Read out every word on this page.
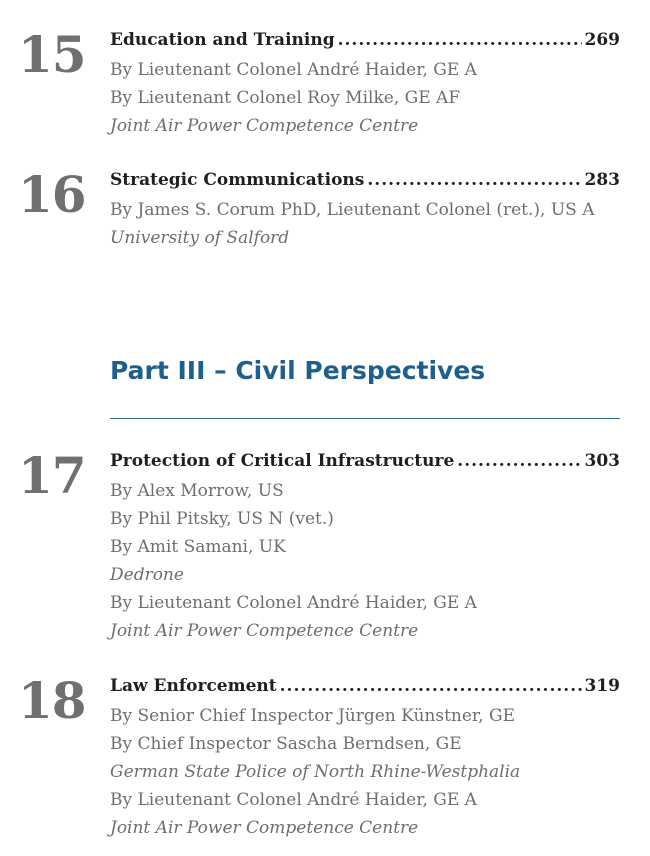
15 Education and Training .....	269
By Lieutenant Colonel André Haider, GE A
By Lieutenant Colonel Roy Milke, GE AF
Joint Air Power Competence Centre
16 Strategic Communications .....	283
By James S. Corum PhD, Lieutenant Colonel (ret.), US A
University of Salford
Part III – Civil Perspectives
17 Protection of Critical Infrastructure .....	303
By Alex Morrow, US
By Phil Pitsky, US N (vet.)
By Amit Samani, UK
Dedrone
By Lieutenant Colonel André Haider, GE A
Joint Air Power Competence Centre
18 Law Enforcement .....	319
By Senior Chief Inspector Jürgen Künstner, GE
By Chief Inspector Sascha Berndsen, GE
German State Police of North Rhine-Westphalia
By Lieutenant Colonel André Haider, GE A
Joint Air Power Competence Centre
